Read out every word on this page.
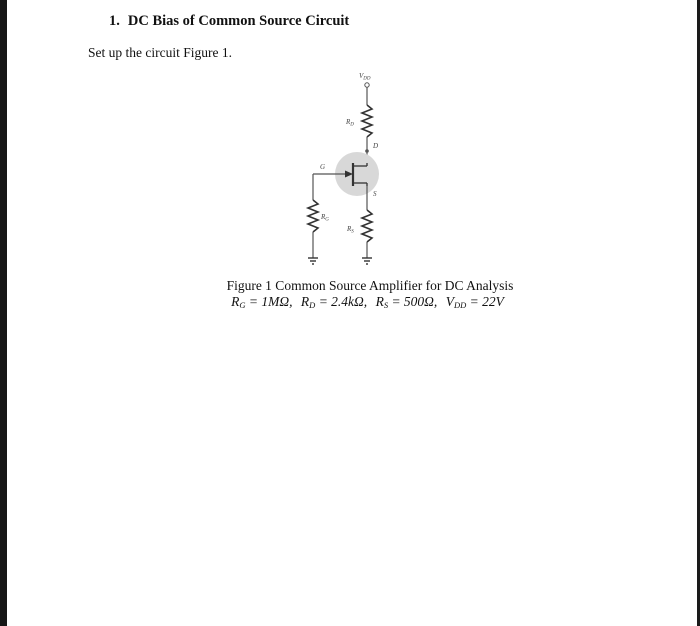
1. DC Bias of Common Source Circuit

Set up the circuit Figure 1.

$V_{DD}$
$R_D$
D
G
S
$R_S$
$R_G$

Figure 1 Common Source Amplifier for DC Analysis

$R_G = 1M\Omega$, $R_D = 2.4k\Omega$, $R_S = 500\Omega$, $V_{DD} = 22V$
